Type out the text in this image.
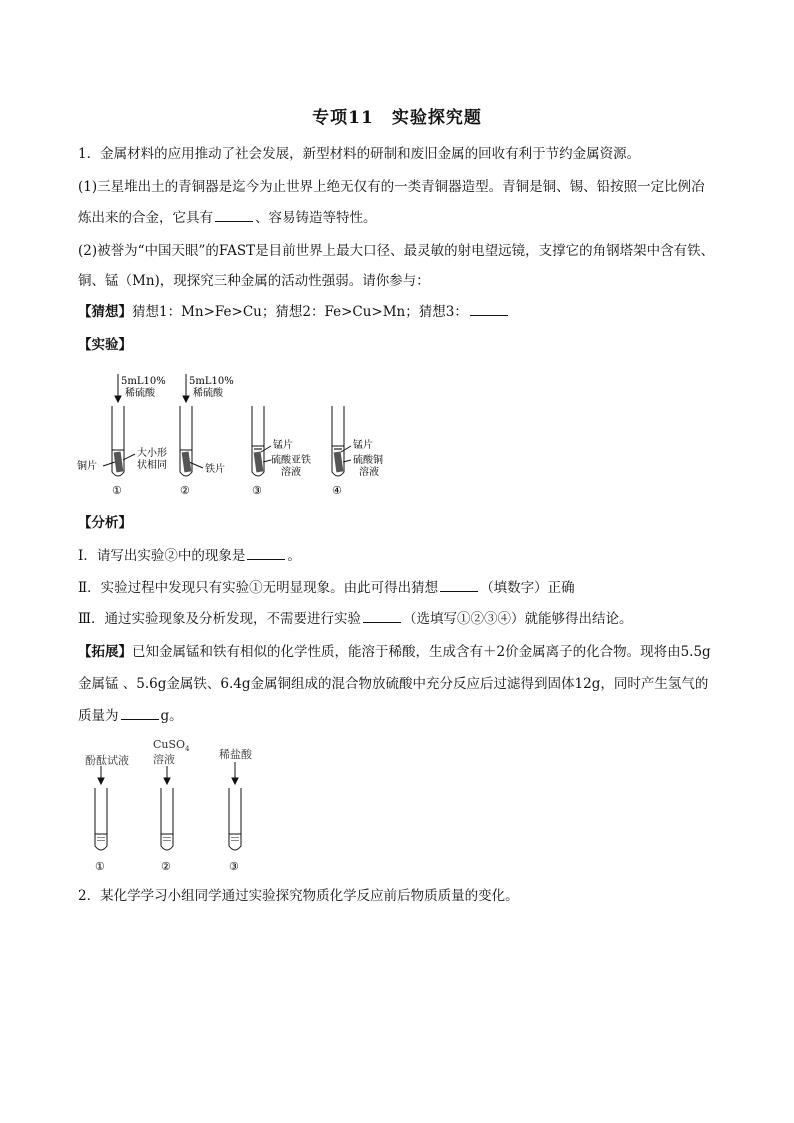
专项11　实验探究题
1．金属材料的应用推动了社会发展，新型材料的研制和废旧金属的回收有利于节约金属资源。
(1)三星堆出土的青铜器是迄今为止世界上绝无仅有的一类青铜器造型。青铜是铜、锡、铅按照一定比例冶
炼出来的合金，它具有	、容易铸造等特性。
(2)被誉为“中国天眼”的FAST是目前世界上最大口径、最灵敏的射电望远镜，支撑它的角钢塔架中含有铁、
铜、锰（Mn)，现探究三种金属的活动性强弱。请你参与：
【猜想】猜想1：Mn>Fe>Cu；猜想2：Fe>Cu>Mn；猜想3：
【实验】
5mL10%
稀硫酸
5mL10%
稀硫酸
铜片
大小形
状相同	铁片
锰片
硫酸亚铁
溶液
锰片
硫酸铜
溶液
①	②	③	④
【分析】
Ⅰ．请写出实验②中的现象是	。
Ⅱ．实验过程中发现只有实验①无明显现象。由此可得出猜想	（填数字）正确
Ⅲ．通过实验现象及分析发现，不需要进行实验	（选填写①②③④）就能够得出结论。
【拓展】已知金属锰和铁有相似的化学性质，能溶于稀酸，生成含有＋2价金属离子的化合物。现将由5.5g
金属锰 、5.6g金属铁、6.4g金属铜组成的混合物放硫酸中充分反应后过滤得到固体12g，同时产生氢气的
质量为	g。
酚酞试液
CuSO$_4$
溶液	稀盐酸
①	②	③
2．某化学学习小组同学通过实验探究物质化学反应前后物质质量的变化。
